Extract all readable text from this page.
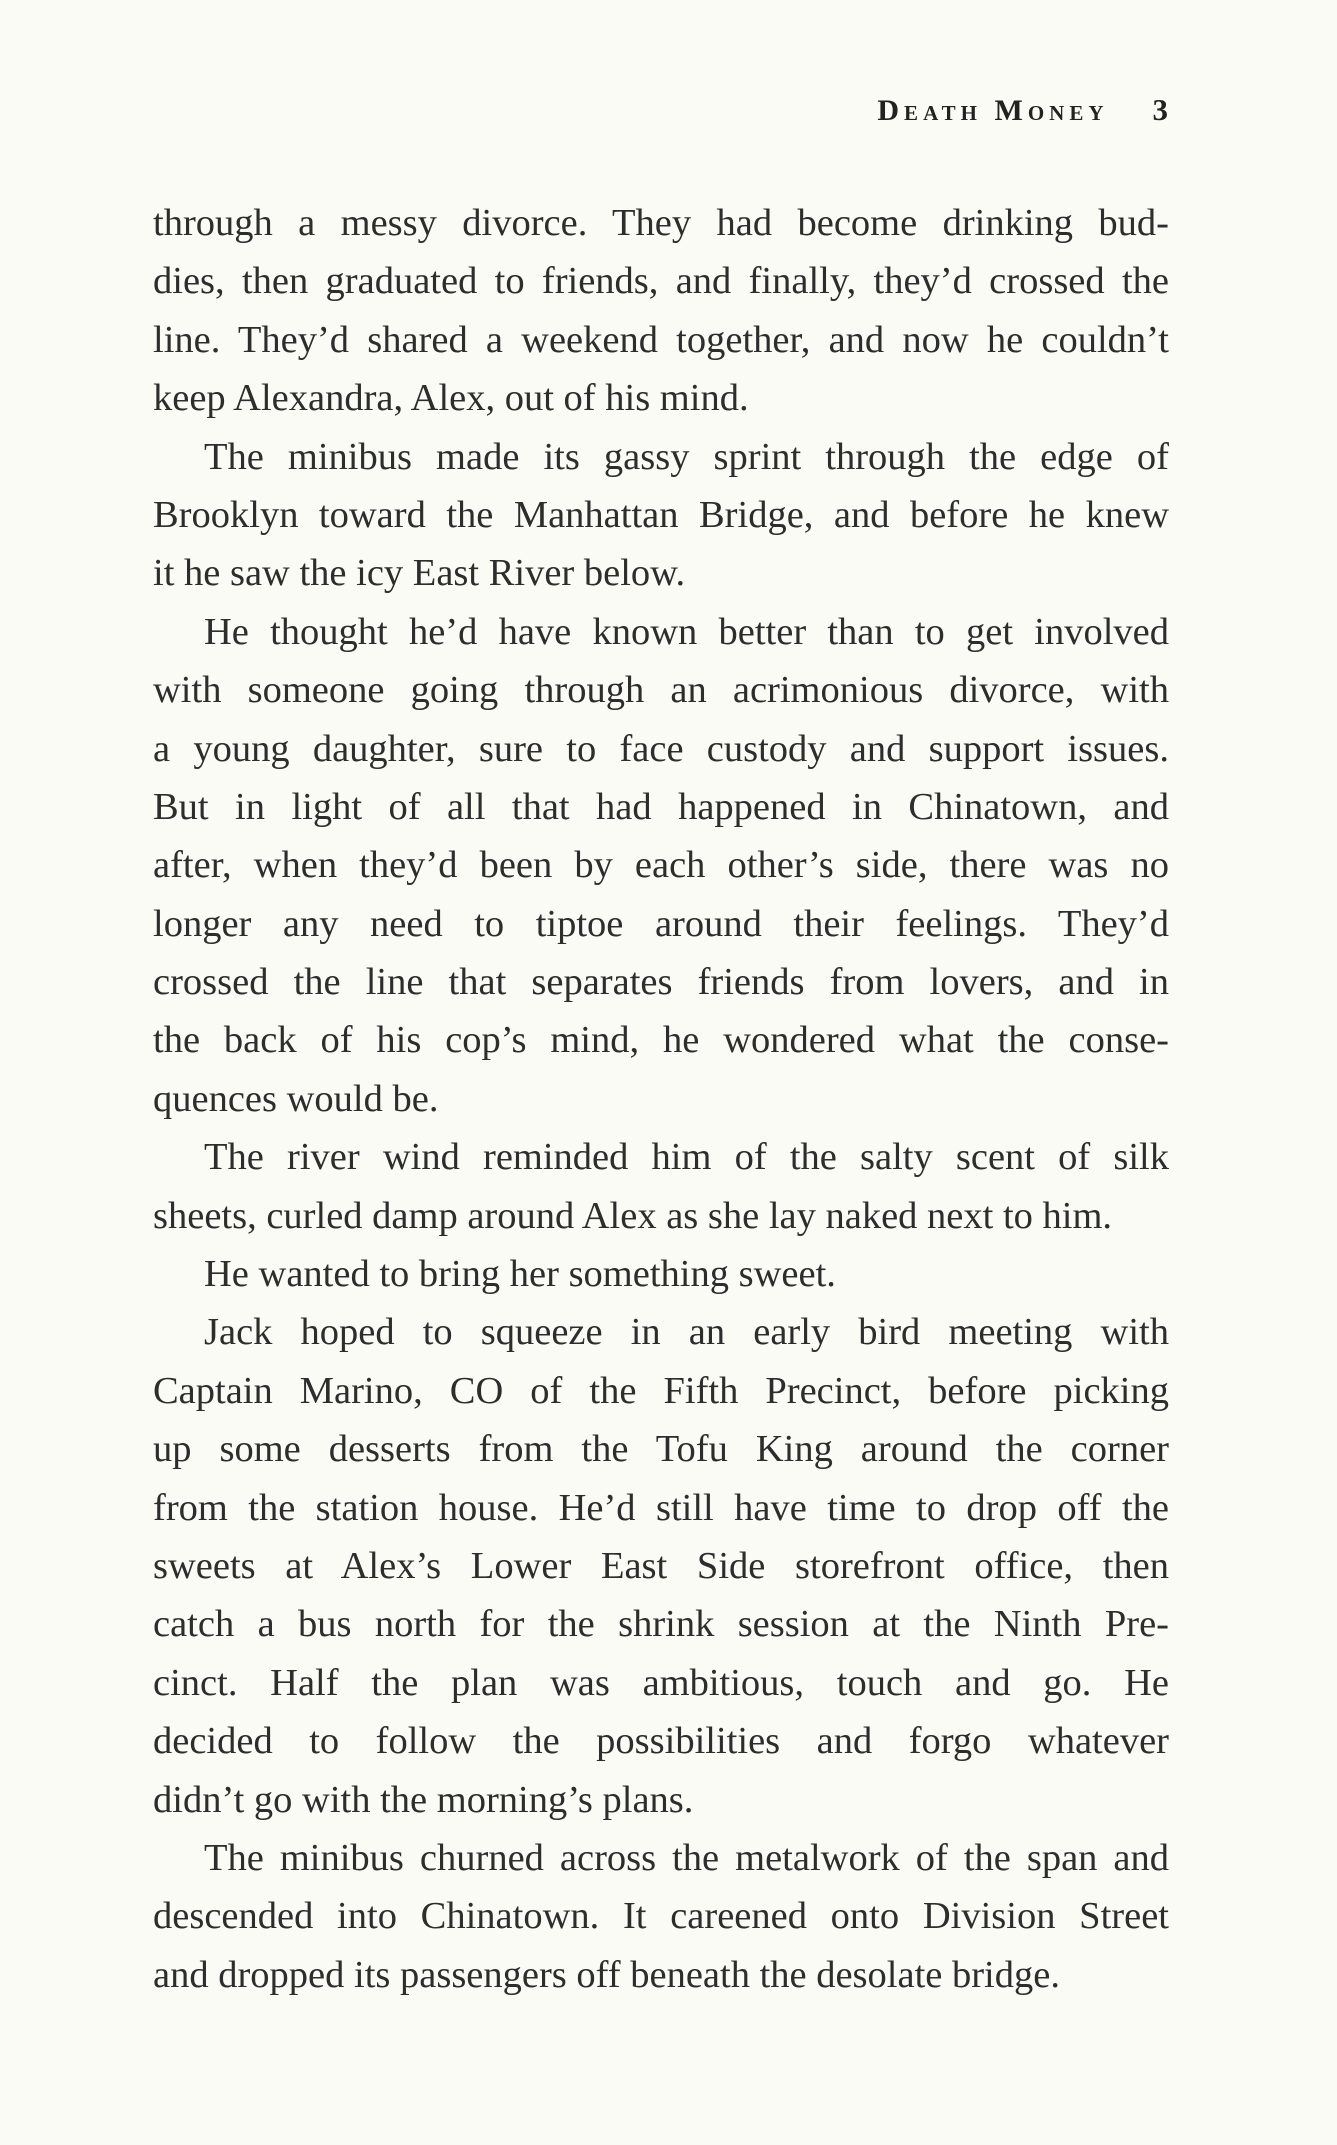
Death Money 3
through a messy divorce. They had become drinking bud-
dies, then graduated to friends, and finally, they’d crossed the
line. They’d shared a weekend together, and now he couldn’t
keep Alexandra, Alex, out of his mind.
The minibus made its gassy sprint through the edge of
Brooklyn toward the Manhattan Bridge, and before he knew
it he saw the icy East River below.
He thought he’d have known better than to get involved
with someone going through an acrimonious divorce, with
a young daughter, sure to face custody and support issues.
But in light of all that had happened in Chinatown, and
after, when they’d been by each other’s side, there was no
longer any need to tiptoe around their feelings. They’d
crossed the line that separates friends from lovers, and in
the back of his cop’s mind, he wondered what the conse-
quences would be.
The river wind reminded him of the salty scent of silk
sheets, curled damp around Alex as she lay naked next to him.
He wanted to bring her something sweet.
Jack hoped to squeeze in an early bird meeting with
Captain Marino, CO of the Fifth Precinct, before picking
up some desserts from the Tofu King around the corner
from the station house. He’d still have time to drop off the
sweets at Alex’s Lower East Side storefront office, then
catch a bus north for the shrink session at the Ninth Pre-
cinct. Half the plan was ambitious, touch and go. He
decided to follow the possibilities and forgo whatever
didn’t go with the morning’s plans.
The minibus churned across the metalwork of the span and
descended into Chinatown. It careened onto Division Street
and dropped its passengers off beneath the desolate bridge.
